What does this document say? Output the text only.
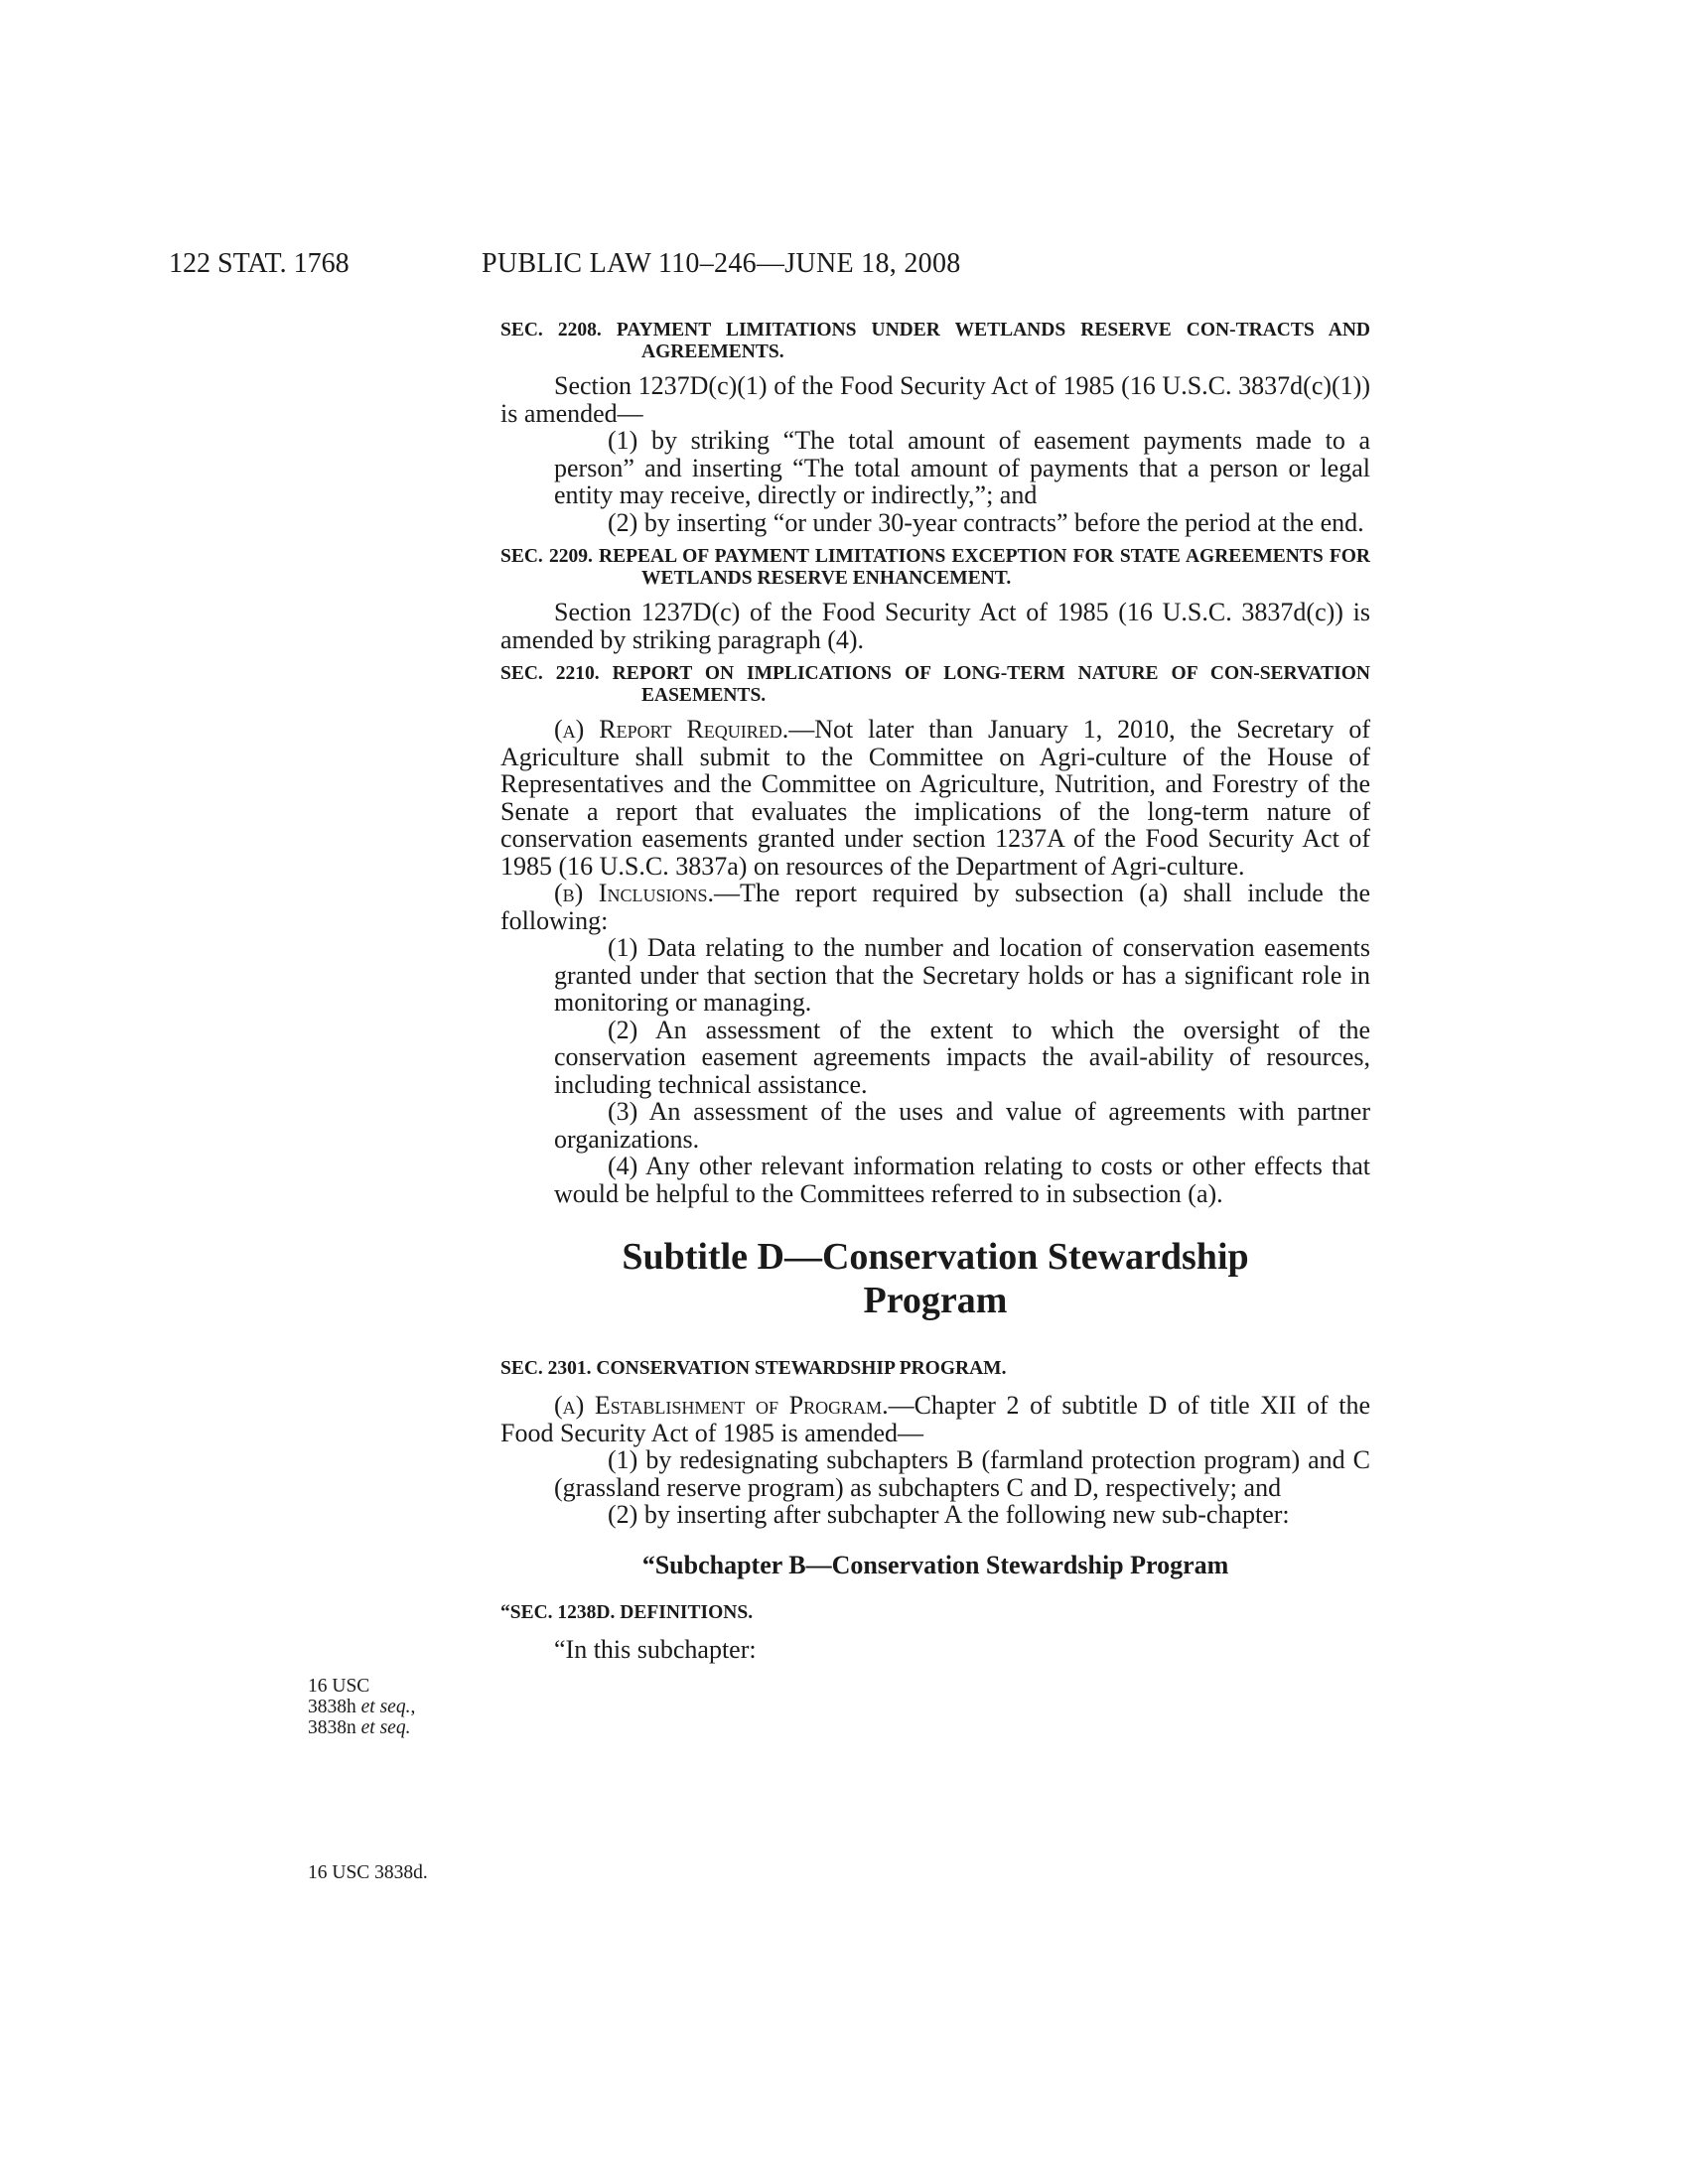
122 STAT. 1768	PUBLIC LAW 110–246—JUNE 18, 2008
16 USC
3838h et seq.,
3838n et seq.
16 USC 3838d.
SEC. 2208. PAYMENT LIMITATIONS UNDER WETLANDS RESERVE CON-TRACTS AND AGREEMENTS.

Section 1237D(c)(1) of the Food Security Act of 1985 (16 U.S.C. 3837d(c)(1)) is amended—

(1) by striking “The total amount of easement payments made to a person” and inserting “The total amount of payments that a person or legal entity may receive, directly or indirectly,”; and

(2) by inserting “or under 30-year contracts” before the period at the end.

SEC. 2209. REPEAL OF PAYMENT LIMITATIONS EXCEPTION FOR STATE AGREEMENTS FOR WETLANDS RESERVE ENHANCEMENT.

Section 1237D(c) of the Food Security Act of 1985 (16 U.S.C. 3837d(c)) is amended by striking paragraph (4).

SEC. 2210. REPORT ON IMPLICATIONS OF LONG-TERM NATURE OF CON-SERVATION EASEMENTS.

(a) Report Required.—Not later than January 1, 2010, the Secretary of Agriculture shall submit to the Committee on Agri-culture of the House of Representatives and the Committee on Agriculture, Nutrition, and Forestry of the Senate a report that evaluates the implications of the long-term nature of conservation easements granted under section 1237A of the Food Security Act of 1985 (16 U.S.C. 3837a) on resources of the Department of Agri-culture.

(b) Inclusions.—The report required by subsection (a) shall include the following:

(1) Data relating to the number and location of conservation easements granted under that section that the Secretary holds or has a significant role in monitoring or managing.

(2) An assessment of the extent to which the oversight of the conservation easement agreements impacts the avail-ability of resources, including technical assistance.

(3) An assessment of the uses and value of agreements with partner organizations.

(4) Any other relevant information relating to costs or other effects that would be helpful to the Committees referred to in subsection (a).

Subtitle D—Conservation Stewardship
Program
SEC. 2301. CONSERVATION STEWARDSHIP PROGRAM.

(a) Establishment of Program.—Chapter 2 of subtitle D of title XII of the Food Security Act of 1985 is amended—

(1) by redesignating subchapters B (farmland protection program) and C (grassland reserve program) as subchapters C and D, respectively; and

(2) by inserting after subchapter A the following new sub-chapter:

“Subchapter B—Conservation Stewardship Program
“SEC. 1238D. DEFINITIONS.

“In this subchapter:
